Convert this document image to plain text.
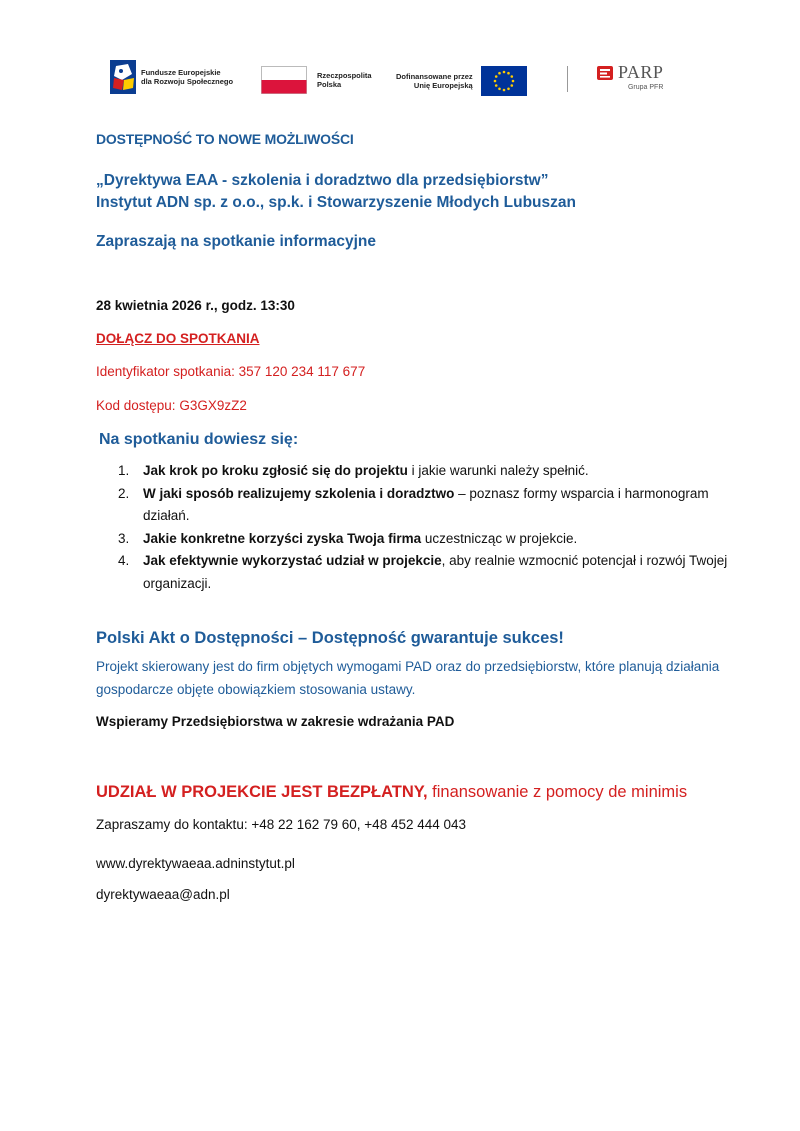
Fundusze Europejskie
dla Rozwoju Społecznego
Rzeczpospolita
Polska
Dofinansowane przez
Unię Europejską
PARP
Grupa PFR

DOSTĘPNOŚĆ TO NOWE MOŻLIWOŚCI

„Dyrektywa EAA - szkolenia i doradztwo dla przedsiębiorstw”

Instytut ADN sp. z o.o., sp.k. i Stowarzyszenie Młodych Lubuszan

Zapraszają na spotkanie informacyjne

28 kwietnia 2026 r., godz. 13:30

DOŁĄCZ DO SPOTKANIA

Identyfikator spotkania: 357 120 234 117 677

Kod dostępu: G3GX9zZ2

Na spotkaniu dowiesz się:

1. Jak krok po kroku zgłosić się do projektu i jakie warunki należy spełnić.
2. W jaki sposób realizujemy szkolenia i doradztwo – poznasz formy wsparcia i harmonogram działań.
3. Jakie konkretne korzyści zyska Twoja firma uczestnicząc w projekcie.
4. Jak efektywnie wykorzystać udział w projekcie, aby realnie wzmocnić potencjał i rozwój Twojej organizacji.

Polski Akt o Dostępności – Dostępność gwarantuje sukces!

Projekt skierowany jest do firm objętych wymogami PAD oraz do przedsiębiorstw, które planują działania gospodarcze objęte obowiązkiem stosowania ustawy.

Wspieramy Przedsiębiorstwa w zakresie wdrażania PAD

UDZIAŁ W PROJEKCIE JEST BEZPŁATNY, finansowanie z pomocy de minimis

Zapraszamy do kontaktu: +48 22 162 79 60, +48 452 444 043

www.dyrektywaeaa.adninstytut.pl

dyrektywaeaa@adn.pl
